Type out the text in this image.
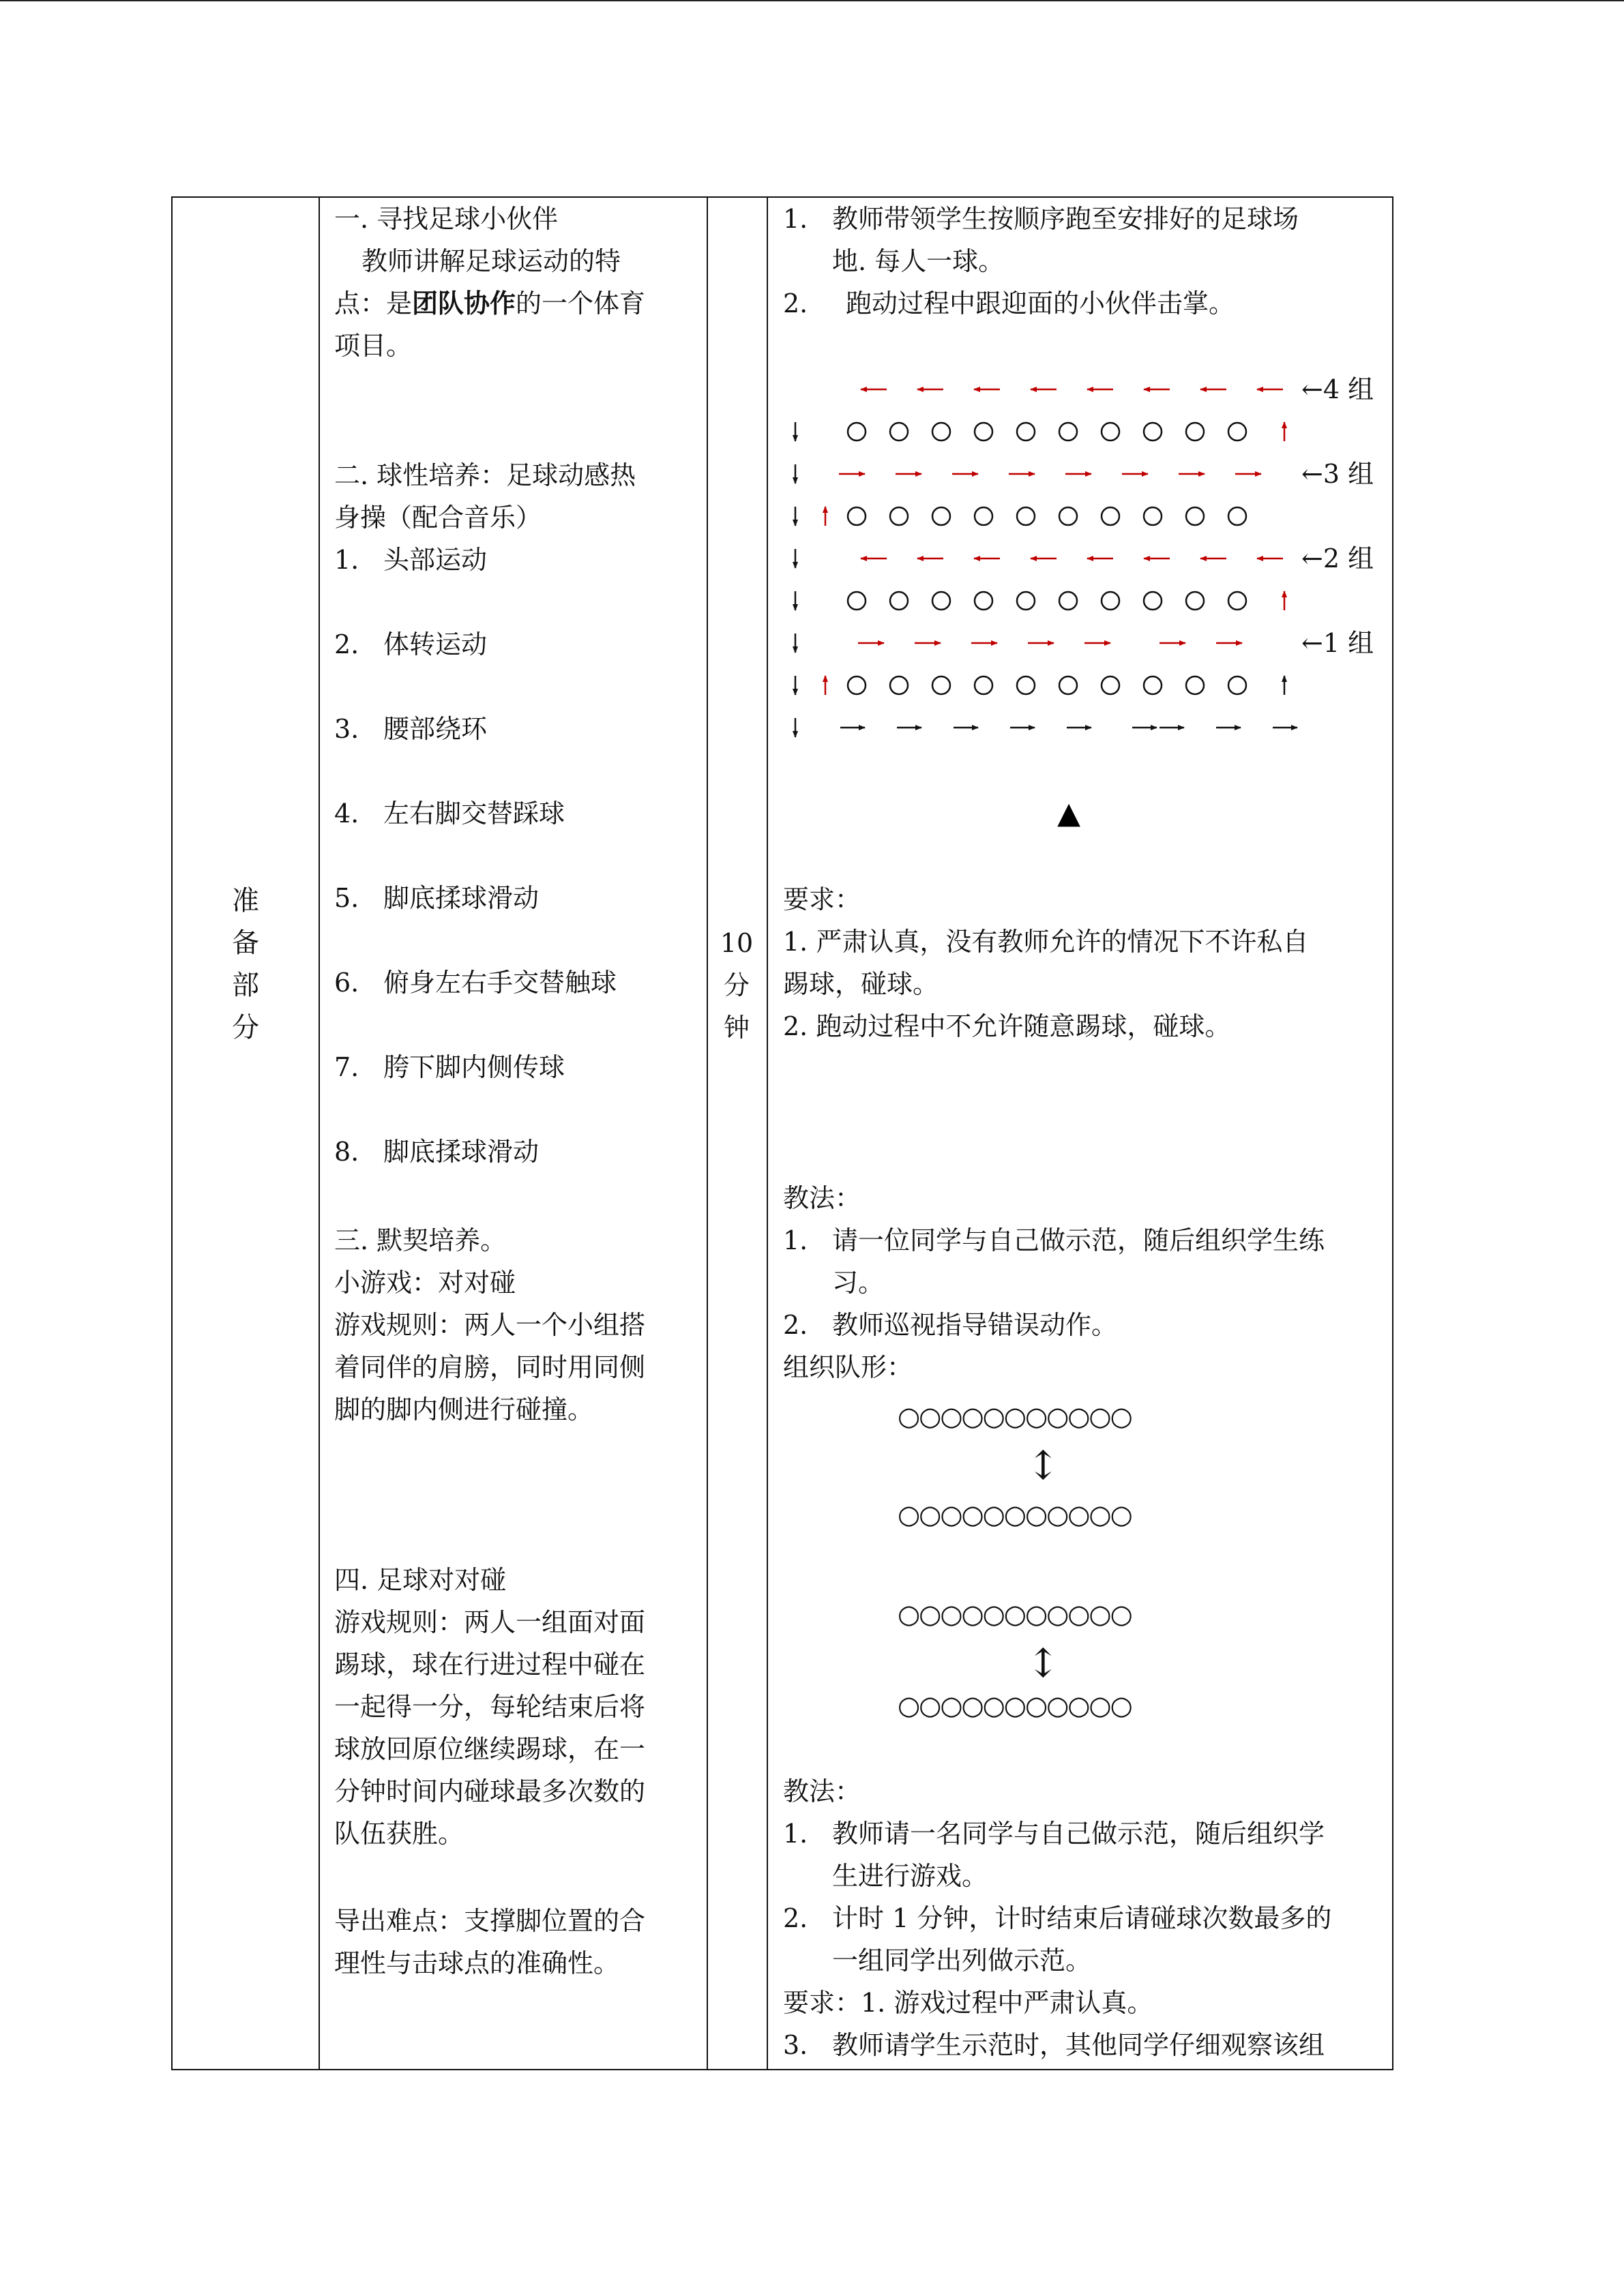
准
备
部
分
10
分
钟
一. 寻找足球小伙伴
教师讲解足球运动的特
点：是团队协作的一个体育
项目。
二. 球性培养：足球动感热
身操（配合音乐）
1. 头部运动
2. 体转运动
3. 腰部绕环
4. 左右脚交替踩球
5. 脚底揉球滑动
6. 俯身左右手交替触球
7. 胯下脚内侧传球
8. 脚底揉球滑动
三. 默契培养。
小游戏：对对碰
游戏规则：两人一个小组搭
着同伴的肩膀，同时用同侧
脚的脚内侧进行碰撞。
四. 足球对对碰
游戏规则：两人一组面对面
踢球，球在行进过程中碰在
一起得一分，每轮结束后将
球放回原位继续踢球，在一
分钟时间内碰球最多次数的
队伍获胜。
导出难点：支撑脚位置的合
理性与击球点的准确性。
1. 教师带领学生按顺序跑至安排好的足球场
地. 每人一球。
2. 跑动过程中跟迎面的小伙伴击掌。
←4 组
←3 组
←2 组
←1 组
▲
要求：
1. 严肃认真，没有教师允许的情况下不许私自
踢球，碰球。
2. 跑动过程中不允许随意踢球，碰球。
教法：
1. 请一位同学与自己做示范，随后组织学生练
习。
2. 教师巡视指导错误动作。
组织队形：
○○○○○○○○○○○
↕
○○○○○○○○○○○
○○○○○○○○○○○
↕
○○○○○○○○○○○
教法：
1. 教师请一名同学与自己做示范，随后组织学
生进行游戏。
2. 计时 1 分钟，计时结束后请碰球次数最多的
一组同学出列做示范。
要求：1. 游戏过程中严肃认真。
3. 教师请学生示范时，其他同学仔细观察该组
